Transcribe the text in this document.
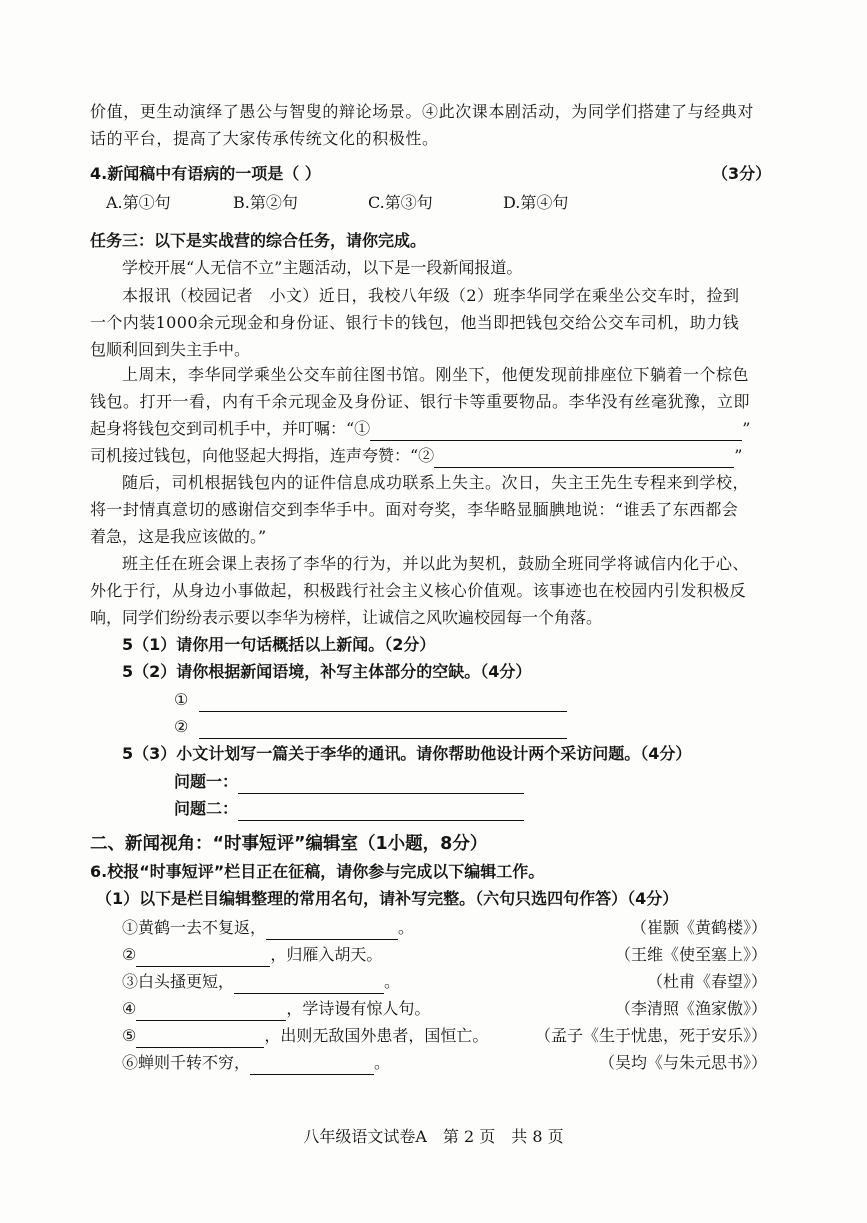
价值，更生动演绎了愚公与智叟的辩论场景。④此次课本剧活动，为同学们搭建了与经典对
话的平台，提高了大家传承传统文化的积极性。
4.新闻稿中有语病的一项是（ ）	（3分）
A.第①句	B.第②句	C.第③句	D.第④句
任务三：以下是实战营的综合任务，请你完成。
学校开展“人无信不立”主题活动，以下是一段新闻报道。
本报讯（校园记者　小文）近日，我校八年级（2）班李华同学在乘坐公交车时，捡到
一个内装1000余元现金和身份证、银行卡的钱包，他当即把钱包交给公交车司机，助力钱
包顺利回到失主手中。
上周末，李华同学乘坐公交车前往图书馆。刚坐下，他便发现前排座位下躺着一个棕色
钱包。打开一看，内有千余元现金及身份证、银行卡等重要物品。李华没有丝毫犹豫，立即
起身将钱包交到司机手中，并叮嘱：“①	”
司机接过钱包，向他竖起大拇指，连声夸赞：“②	”
随后，司机根据钱包内的证件信息成功联系上失主。次日，失主王先生专程来到学校，
将一封情真意切的感谢信交到李华手中。面对夸奖，李华略显腼腆地说：“谁丢了东西都会
着急，这是我应该做的。”
班主任在班会课上表扬了李华的行为，并以此为契机，鼓励全班同学将诚信内化于心、
外化于行，从身边小事做起，积极践行社会主义核心价值观。该事迹也在校园内引发积极反
响，同学们纷纷表示要以李华为榜样，让诚信之风吹遍校园每一个角落。
5（1）请你用一句话概括以上新闻。（2分）
5（2）请你根据新闻语境，补写主体部分的空缺。（4分）
①
②
5（3）小文计划写一篇关于李华的通讯。请你帮助他设计两个采访问题。（4分）
问题一：
问题二：
二、新闻视角：“时事短评”编辑室（1小题，8分）
6.校报“时事短评”栏目正在征稿，请你参与完成以下编辑工作。
（1）以下是栏目编辑整理的常用名句，请补写完整。（六句只选四句作答）（4分）
①黄鹤一去不复返，	。	（崔颢《黄鹤楼》）
②	，归雁入胡天。	（王维《使至塞上》）
③白头搔更短，	。	（杜甫《春望》）
④	，学诗谩有惊人句。	（李清照《渔家傲》）
⑤	，出则无敌国外患者，国恒亡。	（孟子《生于忧患，死于安乐》）
⑥蝉则千转不穷，	。	（吴均《与朱元思书》）
八年级语文试卷A　第 2 页　共 8 页
